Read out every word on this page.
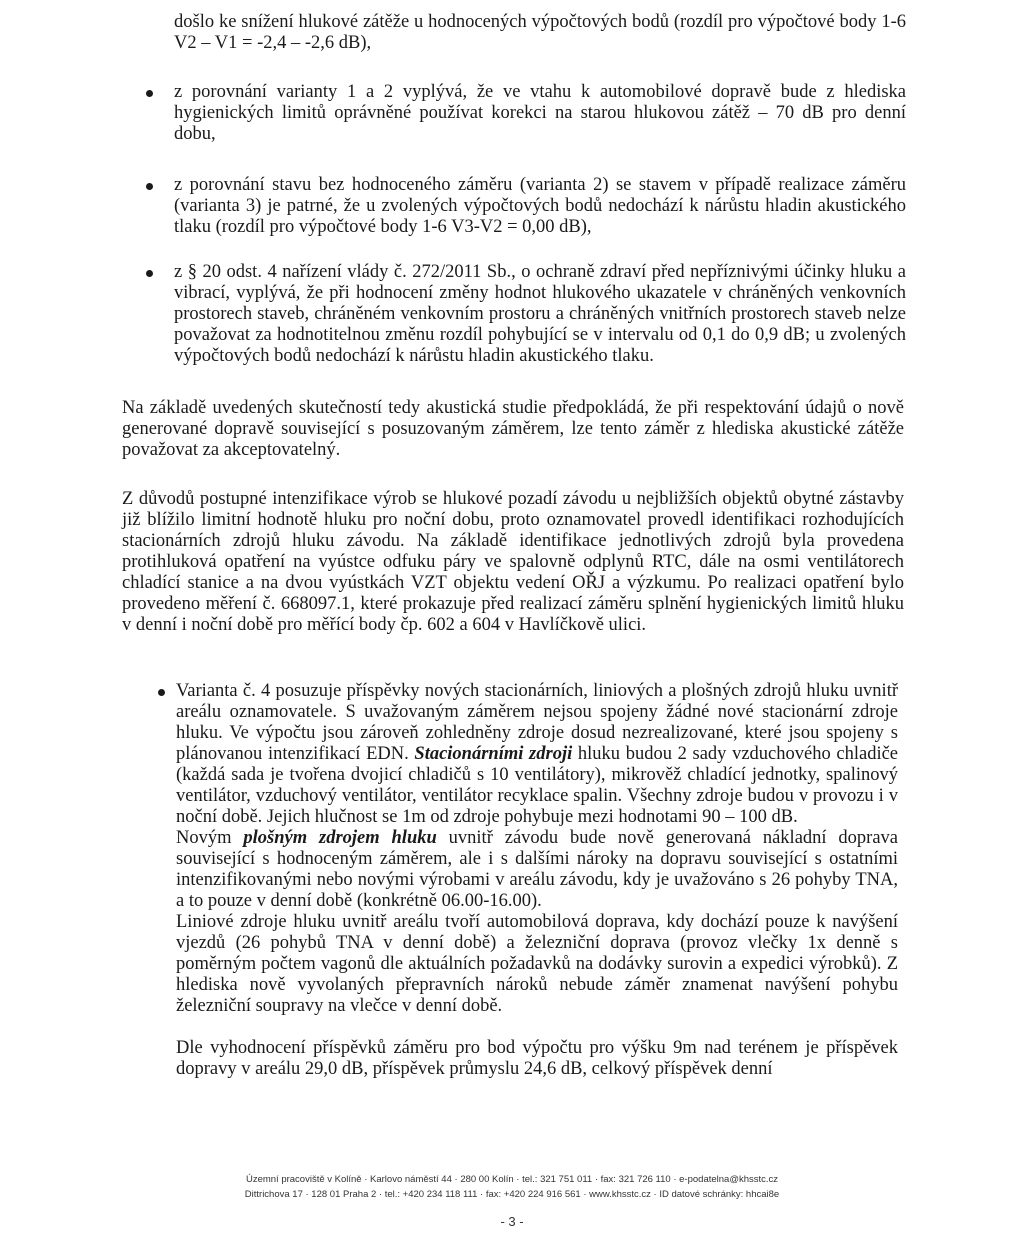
došlo ke snížení hlukové zátěže u hodnocených výpočtových bodů (rozdíl pro výpočtové body 1-6 V2 – V1 = -2,4 – -2,6 dB),

z porovnání varianty 1 a 2 vyplývá, že ve vtahu k automobilové dopravě bude z hlediska hygienických limitů oprávněné používat korekci na starou hlukovou zátěž – 70 dB pro denní dobu,

z porovnání stavu bez hodnoceného záměru (varianta 2) se stavem v případě realizace záměru (varianta 3) je patrné, že u zvolených výpočtových bodů nedochází k nárůstu hladin akustického tlaku (rozdíl pro výpočtové body 1-6 V3-V2 = 0,00 dB),

z § 20 odst. 4 nařízení vlády č. 272/2011 Sb., o ochraně zdraví před nepříznivými účinky hluku a vibrací, vyplývá, že při hodnocení změny hodnot hlukového ukazatele v chráněných venkovních prostorech staveb, chráněném venkovním prostoru a chráněných vnitřních prostorech staveb nelze považovat za hodnotitelnou změnu rozdíl pohybující se v intervalu od 0,1 do 0,9 dB; u zvolených výpočtových bodů nedochází k nárůstu hladin akustického tlaku.

Na základě uvedených skutečností tedy akustická studie předpokládá, že při respektování údajů o nově generované dopravě související s posuzovaným záměrem, lze tento záměr z hlediska akustické zátěže považovat za akceptovatelný.

Z důvodů postupné intenzifikace výrob se hlukové pozadí závodu u nejbližších objektů obytné zástavby již blížilo limitní hodnotě hluku pro noční dobu, proto oznamovatel provedl identifikaci rozhodujících stacionárních zdrojů hluku závodu. Na základě identifikace jednotlivých zdrojů byla provedena protihluková opatření na vyústce odfuku páry ve spalovně odplynů RTC, dále na osmi ventilátorech chladící stanice a na dvou vyústkách VZT objektu vedení OŘJ a výzkumu. Po realizaci opatření bylo provedeno měření č. 668097.1, které prokazuje před realizací záměru splnění hygienických limitů hluku v denní i noční době pro měřící body čp. 602 a 604 v Havlíčkově ulici.

Varianta č. 4 posuzuje příspěvky nových stacionárních, liniových a plošných zdrojů hluku uvnitř areálu oznamovatele. S uvažovaným záměrem nejsou spojeny žádné nové stacionární zdroje hluku. Ve výpočtu jsou zároveň zohledněny zdroje dosud nezrealizované, které jsou spojeny s plánovanou intenzifikací EDN. Stacionárními zdroji hluku budou 2 sady vzduchového chladiče (každá sada je tvořena dvojicí chladičů s 10 ventilátory), mikrověž chladící jednotky, spalinový ventilátor, vzduchový ventilátor, ventilátor recyklace spalin. Všechny zdroje budou v provozu i v noční době. Jejich hlučnost se 1m od zdroje pohybuje mezi hodnotami 90 – 100 dB.

Novým plošným zdrojem hluku uvnitř závodu bude nově generovaná nákladní doprava související s hodnoceným záměrem, ale i s dalšími nároky na dopravu související s ostatními intenzifikovanými nebo novými výrobami v areálu závodu, kdy je uvažováno s 26 pohyby TNA, a to pouze v denní době (konkrétně 06.00-16.00).

Liniové zdroje hluku uvnitř areálu tvoří automobilová doprava, kdy dochází pouze k navýšení vjezdů (26 pohybů TNA v denní době) a železniční doprava (provoz vlečky 1x denně s poměrným počtem vagonů dle aktuálních požadavků na dodávky surovin a expedici výrobků). Z hlediska nově vyvolaných přepravních nároků nebude záměr znamenat navýšení pohybu železniční soupravy na vlečce v denní době.

Dle vyhodnocení příspěvků záměru pro bod výpočtu pro výšku 9m nad terénem je příspěvek dopravy v areálu 29,0 dB, příspěvek průmyslu 24,6 dB, celkový příspěvek denní

Územní pracoviště v Kolíně · Karlovo náměstí 44 · 280 00 Kolín · tel.: 321 751 011 · fax: 321 726 110 · e-podatelna@khsstc.cz
Dittrichova 17 · 128 01 Praha 2 · tel.: +420 234 118 111 · fax: +420 224 916 561 · www.khsstc.cz · ID datové schránky: hhcai8e
- 3 -
